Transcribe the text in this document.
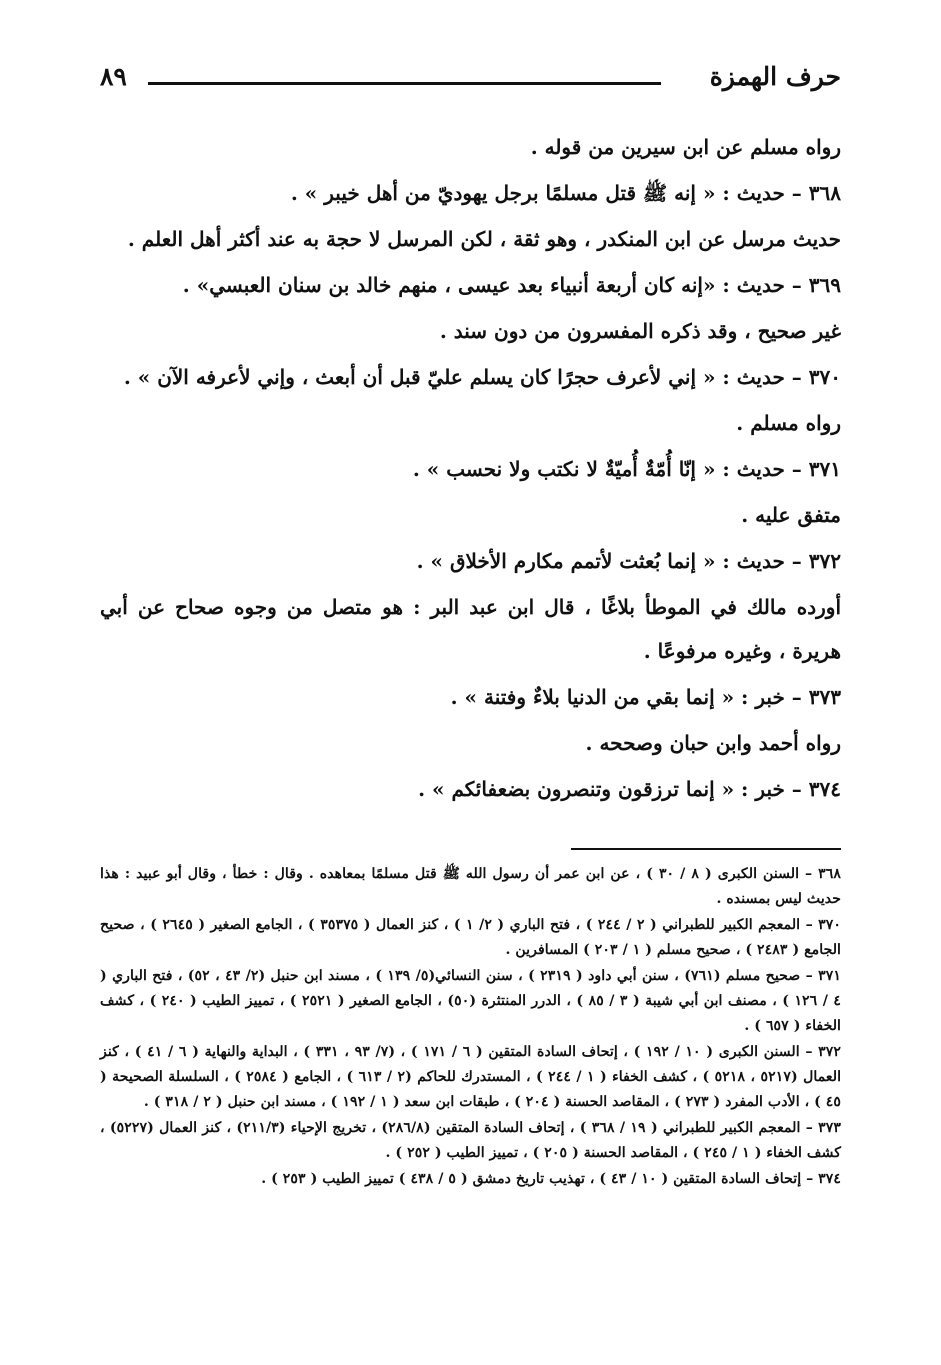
حرف الهمزة
٨٩

رواه مسلم عن ابن سيرين من قوله .

٣٦٨ – حديث : « إنه ﷺ قتل مسلمًا برجل يهوديّ من أهل خيبر » .

حديث مرسل عن ابن المنكدر ، وهو ثقة ، لكن المرسل لا حجة به عند أكثر أهل العلم .

٣٦٩ – حديث : «إنه كان أربعة أنبياء بعد عيسى ، منهم خالد بن سنان العبسي» .

غير صحيح ، وقد ذكره المفسرون من دون سند .

٣٧٠ – حديث : « إني لأعرف حجرًا كان يسلم عليّ قبل أن أبعث ، وإني لأعرفه الآن » .

رواه مسلم .

٣٧١ – حديث : « إنّا أُمّةٌ أُميّةٌ لا نكتب ولا نحسب » .

متفق عليه .

٣٧٢ – حديث : « إنما بُعثت لأتمم مكارم الأخلاق » .

أورده مالك في الموطأ بلاغًا ، قال ابن عبد البر : هو متصل من وجوه صحاح عن أبي هريرة ، وغيره مرفوعًا .

٣٧٣ – خبر : « إنما بقي من الدنيا بلاءٌ وفتنة » .

رواه أحمد وابن حبان وصححه .

٣٧٤ – خبر : « إنما ترزقون وتنصرون بضعفائكم » .

٣٦٨ – السنن الكبرى ( ٨ / ٣٠ ) ، عن ابن عمر أن رسول الله ﷺ قتل مسلمًا بمعاهده . وقال : خطأ ، وقال أبو عبيد : هذا حديث ليس بمسنده .

٣٧٠ – المعجم الكبير للطبراني ( ٢ / ٢٤٤ ) ، فتح الباري ( ٢/ ١ ) ، كنز العمال ( ٣٥٣٧٥ ) ، الجامع الصغير ( ٢٦٤٥ ) ، صحيح الجامع ( ٢٤٨٣ ) ، صحيح مسلم ( ١ / ٢٠٣ ) المسافرين .

٣٧١ – صحيح مسلم (٧٦١) ، سنن أبي داود ( ٢٣١٩ ) ، سنن النسائي(٥/ ١٣٩ ) ، مسند ابن حنبل (٢/ ٤٣ ، ٥٢) ، فتح الباري ( ٤ / ١٢٦ ) ، مصنف ابن أبي شيبة ( ٣ / ٨٥ ) ، الدرر المنتثرة (٥٠) ، الجامع الصغير ( ٢٥٢١ ) ، تمييز الطيب ( ٢٤٠ ) ، كشف الخفاء ( ٦٥٧ ) .

٣٧٢ – السنن الكبرى ( ١٠ / ١٩٢ ) ، إتحاف السادة المتقين ( ٦ / ١٧١ ) ، (٧/ ٩٣ ، ٣٣١ ) ، البداية والنهاية ( ٦ / ٤١ ) ، كنز العمال (٥٢١٧ ، ٥٢١٨ ) ، كشف الخفاء ( ١ / ٢٤٤ ) ، المستدرك للحاكم (٢ / ٦١٣ ) ، الجامع ( ٢٥٨٤ ) ، السلسلة الصحيحة ( ٤٥ ) ، الأدب المفرد ( ٢٧٣ ) ، المقاصد الحسنة ( ٢٠٤ ) ، طبقات ابن سعد ( ١ / ١٩٢ ) ، مسند ابن حنبل ( ٢ / ٣١٨ ) .

٣٧٣ – المعجم الكبير للطبراني ( ١٩ / ٣٦٨ ) ، إتحاف السادة المتقين (٢٨٦/٨) ، تخريج الإحياء (٢١١/٣) ، كنز العمال (٥٢٢٧) ، كشف الخفاء ( ١ / ٢٤٥ ) ، المقاصد الحسنة ( ٢٠٥ ) ، تمييز الطيب ( ٢٥٢ ) .

٣٧٤ – إتحاف السادة المتقين ( ١٠ / ٤٣ ) ، تهذيب تاريخ دمشق ( ٥ / ٤٣٨ ) تمييز الطيب ( ٢٥٣ ) .
